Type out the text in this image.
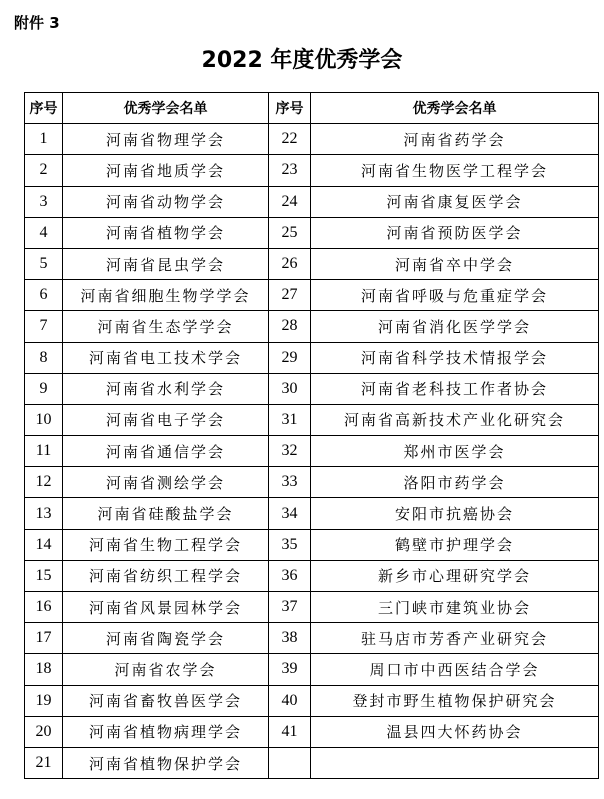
附件 3
2022 年度优秀学会
序号	优秀学会名单	序号	优秀学会名单
1	河南省物理学会	22	河南省药学会
2	河南省地质学会	23	河南省生物医学工程学会
3	河南省动物学会	24	河南省康复医学会
4	河南省植物学会	25	河南省预防医学会
5	河南省昆虫学会	26	河南省卒中学会
6	河南省细胞生物学学会	27	河南省呼吸与危重症学会
7	河南省生态学学会	28	河南省消化医学学会
8	河南省电工技术学会	29	河南省科学技术情报学会
9	河南省水利学会	30	河南省老科技工作者协会
10	河南省电子学会	31	河南省高新技术产业化研究会
11	河南省通信学会	32	郑州市医学会
12	河南省测绘学会	33	洛阳市药学会
13	河南省硅酸盐学会	34	安阳市抗癌协会
14	河南省生物工程学会	35	鹤壁市护理学会
15	河南省纺织工程学会	36	新乡市心理研究学会
16	河南省风景园林学会	37	三门峡市建筑业协会
17	河南省陶瓷学会	38	驻马店市芳香产业研究会
18	河南省农学会	39	周口市中西医结合学会
19	河南省畜牧兽医学会	40	登封市野生植物保护研究会
20	河南省植物病理学会	41	温县四大怀药协会
21	河南省植物保护学会		
